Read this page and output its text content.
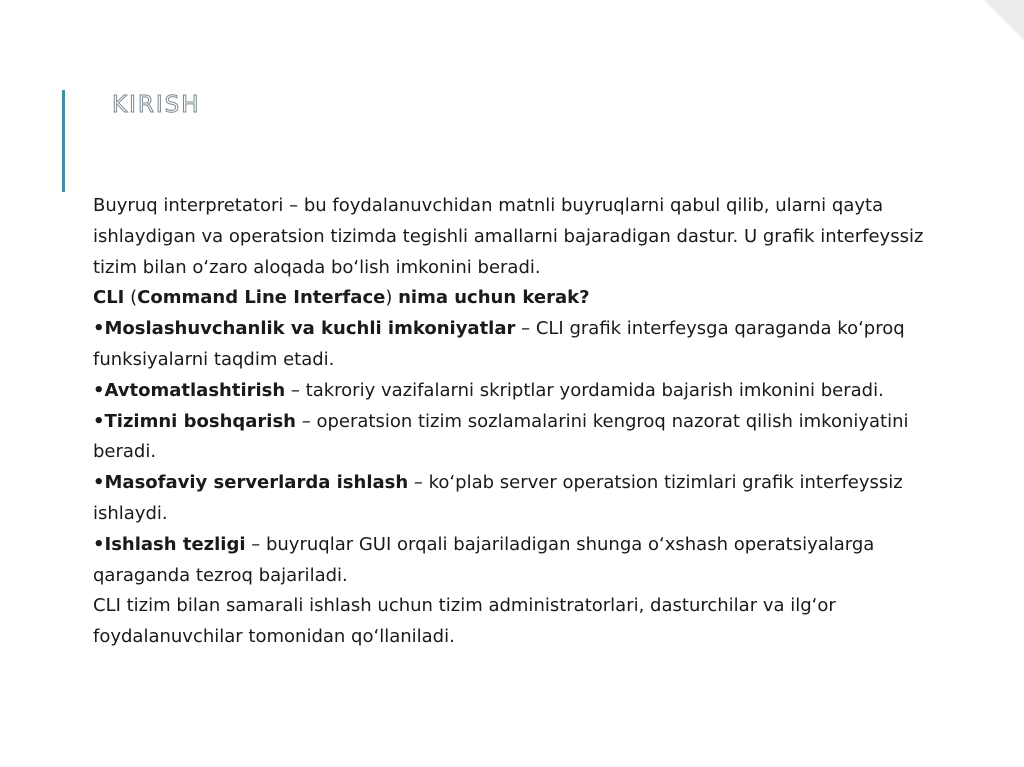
KIRISH

Buyruq interpretatori – bu foydalanuvchidan matnli buyruqlarni qabul qilib, ularni qayta ishlaydigan va operatsion tizimda tegishli amallarni bajaradigan dastur. U grafik interfeyssiz tizim bilan o‘zaro aloqada bo‘lish imkonini beradi.

CLI (Command Line Interface) nima uchun kerak?

•Moslashuvchanlik va kuchli imkoniyatlar – CLI grafik interfeysga qaraganda ko‘proq funksiyalarni taqdim etadi.

•Avtomatlashtirish – takroriy vazifalarni skriptlar yordamida bajarish imkonini beradi.

•Tizimni boshqarish – operatsion tizim sozlamalarini kengroq nazorat qilish imkoniyatini beradi.

•Masofaviy serverlarda ishlash – ko‘plab server operatsion tizimlari grafik interfeyssiz ishlaydi.

•Ishlash tezligi – buyruqlar GUI orqali bajariladigan shunga o‘xshash operatsiyalarga qaraganda tezroq bajariladi.

CLI tizim bilan samarali ishlash uchun tizim administratorlari, dasturchilar va ilg‘or foydalanuvchilar tomonidan qo‘llaniladi.
